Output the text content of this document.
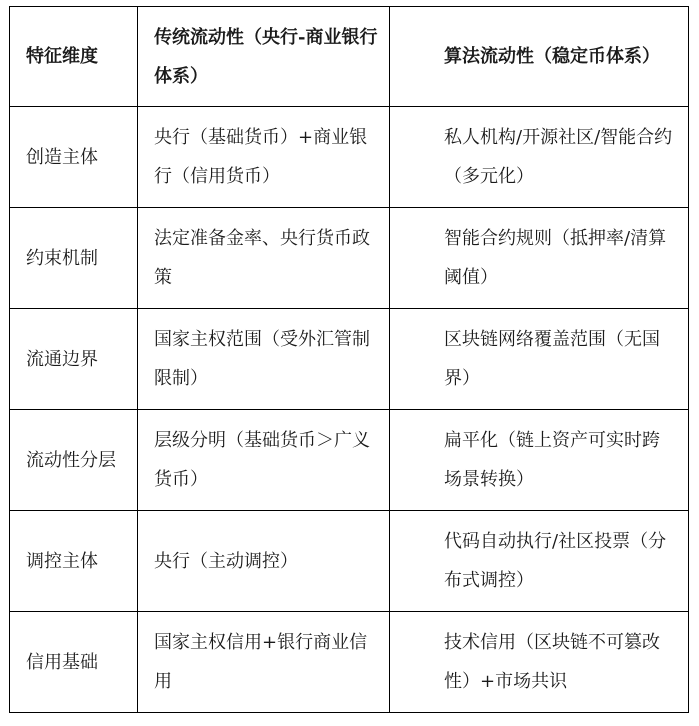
特征维度	传统流动性（央行-商业银行体系）	算法流动性（稳定币体系）

创造主体	央行（基础货币）+商业银行（信用货币）	私人机构/开源社区/智能合约（多元化）

约束机制	法定准备金率、央行货币政策	智能合约规则（抵押率/清算阈值）

流通边界	国家主权范围（受外汇管制限制）	区块链网络覆盖范围（无国界）

流动性分层	层级分明（基础货币＞广义货币）	扁平化（链上资产可实时跨场景转换）

调控主体	央行（主动调控）	代码自动执行/社区投票（分布式调控）

信用基础	国家主权信用+银行商业信用	技术信用（区块链不可篡改性）+市场共识
